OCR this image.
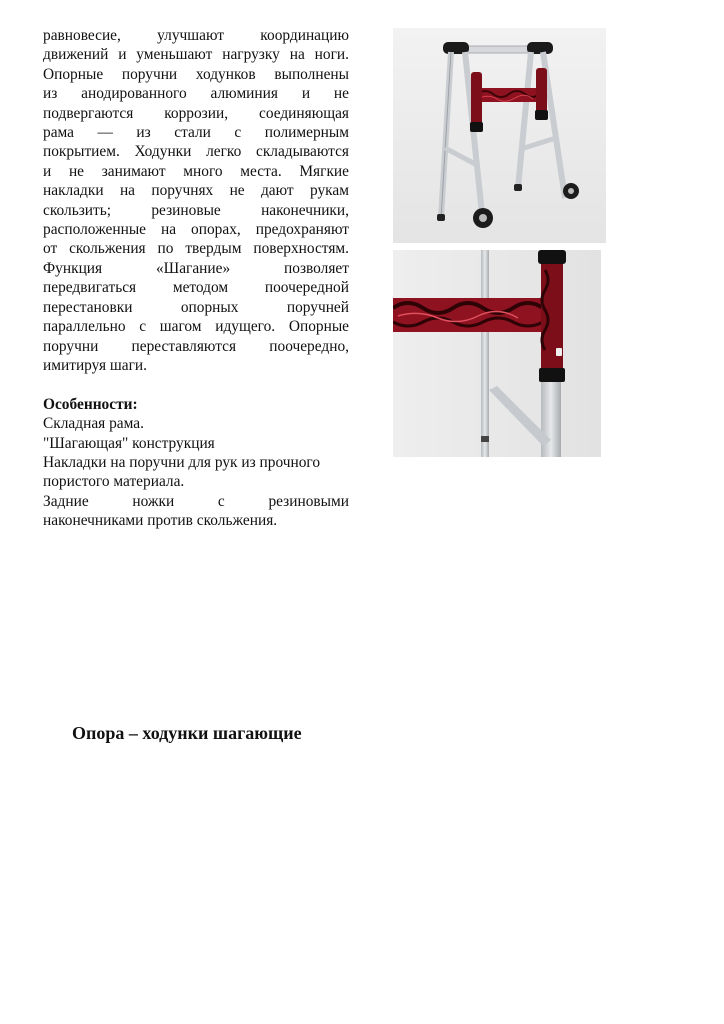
равновесие, улучшают координацию

движений и уменьшают нагрузку на ноги.

Опорные поручни ходунков выполнены

из анодированного алюминия и не

подвергаются коррозии, соединяющая

рама — из стали с полимерным

покрытием. Ходунки легко складываются

и не занимают много места. Мягкие

накладки на поручнях не дают рукам

скользить; резиновые наконечники,

расположенные на опорах, предохраняют

от скольжения по твердым поверхностям.

Функция «Шагание» позволяет

передвигаться методом поочередной

перестановки опорных поручней

параллельно с шагом идущего. Опорные

поручни переставляются поочередно,

имитируя шаги.

Особенности:

Складная рама.

"Шагающая" конструкция

Накладки на поручни для рук из прочного

пористого материала.

Задние ножки с резиновыми

наконечниками против скольжения.

Опора – ходунки шагающие
